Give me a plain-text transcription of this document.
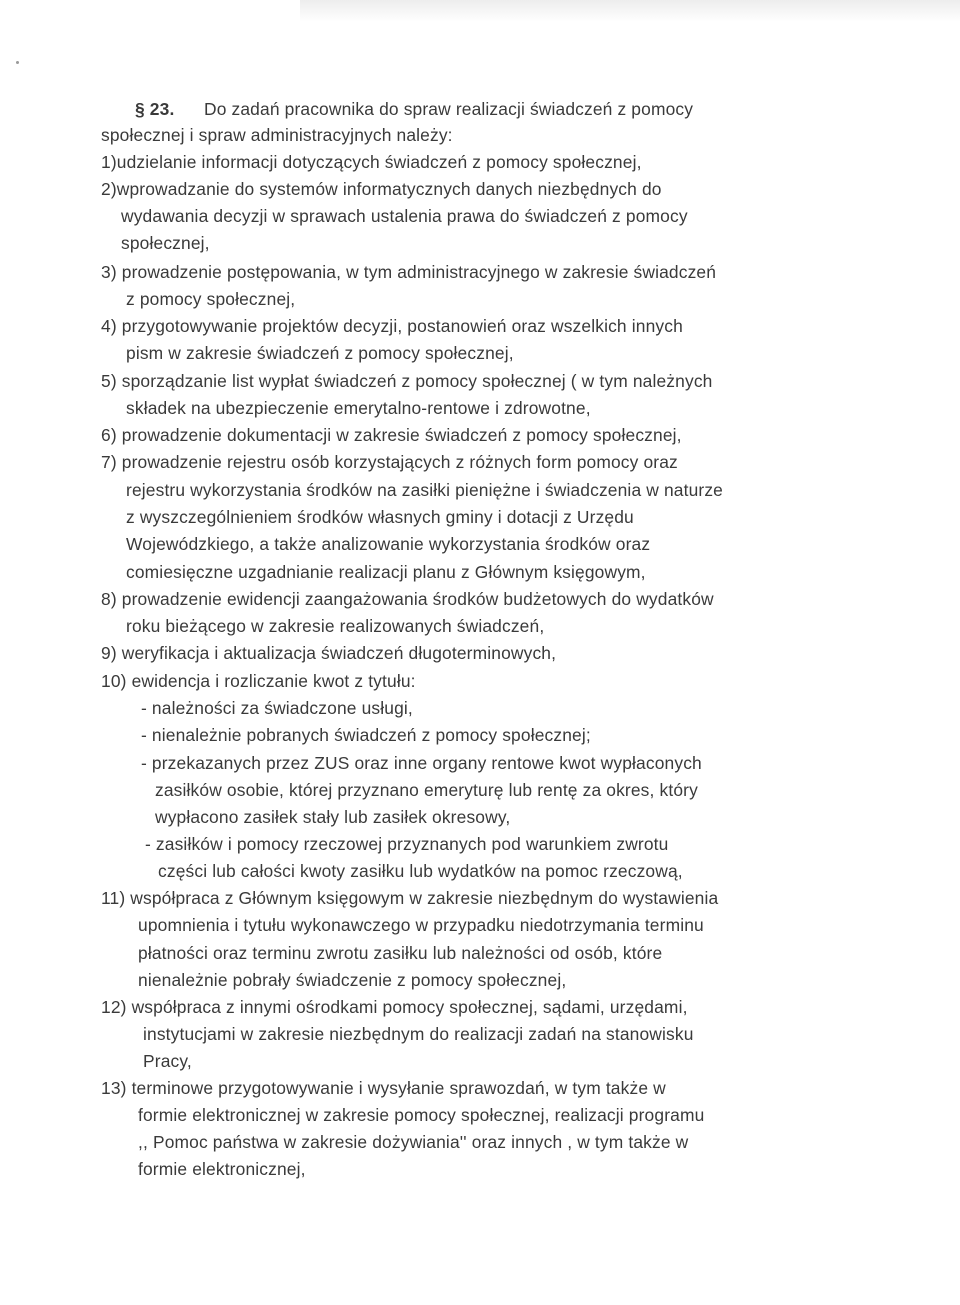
§ 23. Do zadań pracownika do spraw realizacji świadczeń z pomocy
społecznej i spraw administracyjnych należy:
1)udzielanie informacji dotyczących świadczeń z pomocy społecznej,
2)wprowadzanie do systemów informatycznych danych niezbędnych do
wydawania decyzji w sprawach ustalenia prawa do świadczeń z pomocy
społecznej,
3) prowadzenie postępowania, w tym administracyjnego w zakresie świadczeń
z pomocy społecznej,
4) przygotowywanie projektów decyzji, postanowień oraz wszelkich innych
pism w zakresie świadczeń z pomocy społecznej,
5) sporządzanie list wypłat świadczeń z pomocy społecznej ( w tym należnych
składek na ubezpieczenie emerytalno-rentowe i zdrowotne,
6) prowadzenie dokumentacji w zakresie świadczeń z pomocy społecznej,
7) prowadzenie rejestru osób korzystających z różnych form pomocy oraz
rejestru wykorzystania środków na zasiłki pieniężne i świadczenia w naturze
z wyszczególnieniem środków własnych gminy i dotacji z Urzędu
Wojewódzkiego, a także analizowanie wykorzystania środków oraz
comiesięczne uzgadnianie realizacji planu z Głównym księgowym,
8) prowadzenie ewidencji zaangażowania środków budżetowych do wydatków
roku bieżącego w zakresie realizowanych świadczeń,
9) weryfikacja i aktualizacja świadczeń długoterminowych,
10) ewidencja i rozliczanie kwot z tytułu:
- należności za świadczone usługi,
- nienależnie pobranych świadczeń z pomocy społecznej;
- przekazanych przez ZUS oraz inne organy rentowe kwot wypłaconych
zasiłków osobie, której przyznano emeryturę lub rentę za okres, który
wypłacono zasiłek stały lub zasiłek okresowy,
- zasiłków i pomocy rzeczowej przyznanych pod warunkiem zwrotu
części lub całości kwoty zasiłku lub wydatków na pomoc rzeczową,
11) współpraca z Głównym księgowym w zakresie niezbędnym do wystawienia
upomnienia i tytułu wykonawczego w przypadku niedotrzymania terminu
płatności oraz terminu zwrotu zasiłku lub należności od osób, które
nienależnie pobrały świadczenie z pomocy społecznej,
12) współpraca z innymi ośrodkami pomocy społecznej, sądami, urzędami,
instytucjami w zakresie niezbędnym do realizacji zadań na stanowisku
Pracy,
13) terminowe przygotowywanie i wysyłanie sprawozdań, w tym także w
formie elektronicznej w zakresie pomocy społecznej, realizacji programu
,, Pomoc państwa w zakresie dożywiania'' oraz innych , w tym także w
formie elektronicznej,
